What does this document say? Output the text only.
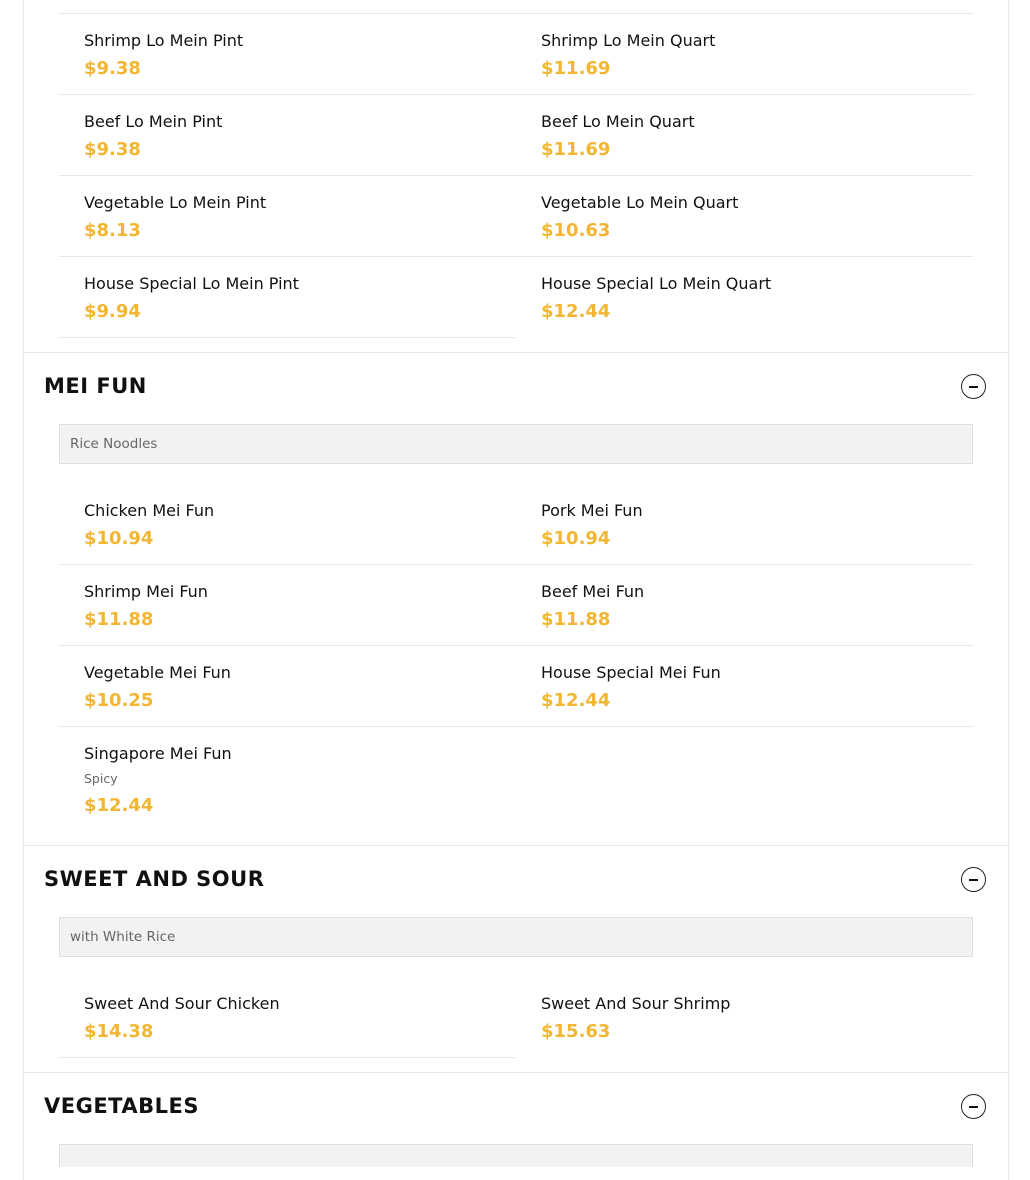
Shrimp Lo Mein Pint
$9.38
Shrimp Lo Mein Quart
$11.69
Beef Lo Mein Pint
$9.38
Beef Lo Mein Quart
$11.69
Vegetable Lo Mein Pint
$8.13
Vegetable Lo Mein Quart
$10.63
House Special Lo Mein Pint
$9.94
House Special Lo Mein Quart
$12.44
MEI FUN
Rice Noodles
Chicken Mei Fun
$10.94
Pork Mei Fun
$10.94
Shrimp Mei Fun
$11.88
Beef Mei Fun
$11.88
Vegetable Mei Fun
$10.25
House Special Mei Fun
$12.44
Singapore Mei Fun
Spicy
$12.44
SWEET AND SOUR
with White Rice
Sweet And Sour Chicken
$14.38
Sweet And Sour Shrimp
$15.63
VEGETABLES
